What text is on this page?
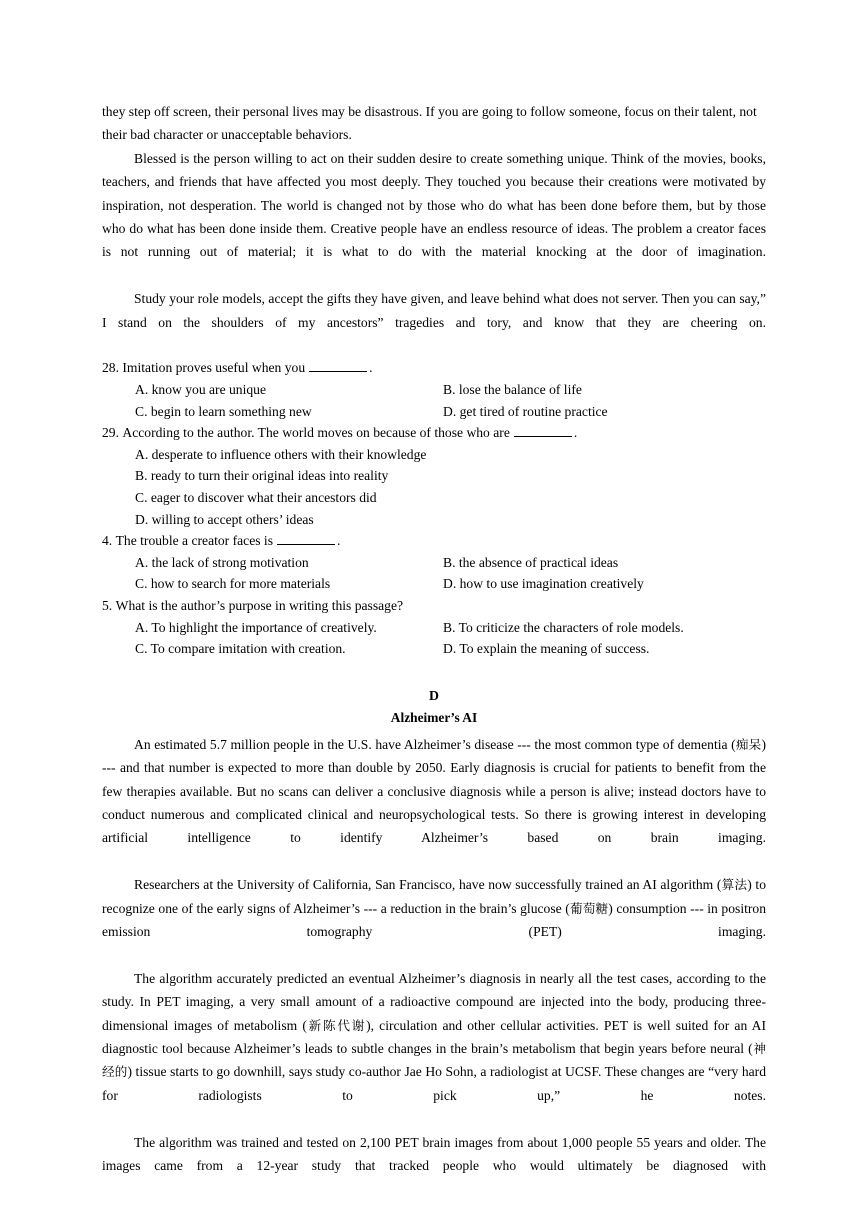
they step off screen, their personal lives may be disastrous. If you are going to follow someone, focus on their talent, not their bad character or unacceptable behaviors.

Blessed is the person willing to act on their sudden desire to create something unique. Think of the movies, books, teachers, and friends that have affected you most deeply. They touched you because their creations were motivated by inspiration, not desperation. The world is changed not by those who do what has been done before them, but by those who do what has been done inside them. Creative people have an endless resource of ideas. The problem a creator faces is not running out of material; it is what to do with the material knocking at the door of imagination.

Study your role models, accept the gifts they have given, and leave behind what does not server. Then you can say,” I stand on the shoulders of my ancestors” tragedies and tory, and know that they are cheering on.

28. Imitation proves useful when you	.

A. know you are unique	B. lose the balance of life
C. begin to learn something new	D. get tired of routine practice

29. According to the author. The world moves on because of those who are	.

A. desperate to influence others with their knowledge

B. ready to turn their original ideas into reality

C. eager to discover what their ancestors did

D. willing to accept others’ ideas

4. The trouble a creator faces is	.

A. the lack of strong motivation	B. the absence of practical ideas
C. how to search for more materials	D. how to use imagination creatively

5. What is the author’s purpose in writing this passage?

A. To highlight the importance of creatively.	B. To criticize the characters of role models.
C. To compare imitation with creation.	D. To explain the meaning of success.

D

Alzheimer’s AI

An estimated 5.7 million people in the U.S. have Alzheimer’s disease --- the most common type of dementia (痴呆) --- and that number is expected to more than double by 2050. Early diagnosis is crucial for patients to benefit from the few therapies available. But no scans can deliver a conclusive diagnosis while a person is alive; instead doctors have to conduct numerous and complicated clinical and neuropsychological tests. So there is growing interest in developing artificial intelligence to identify Alzheimer’s based on brain imaging.

Researchers at the University of California, San Francisco, have now successfully trained an AI algorithm (算法) to recognize one of the early signs of Alzheimer’s --- a reduction in the brain’s glucose (葡萄糖) consumption --- in positron emission tomography (PET) imaging.

The algorithm accurately predicted an eventual Alzheimer’s diagnosis in nearly all the test cases, according to the study. In PET imaging, a very small amount of a radioactive compound are injected into the body, producing three-dimensional images of metabolism (新陈代谢), circulation and other cellular activities. PET is well suited for an AI diagnostic tool because Alzheimer’s leads to subtle changes in the brain’s metabolism that begin years before neural (神经的) tissue starts to go downhill, says study co-author Jae Ho Sohn, a radiologist at UCSF. These changes are “very hard for radiologists to pick up,” he notes.

The algorithm was trained and tested on 2,100 PET brain images from about 1,000 people 55 years and older. The images came from a 12-year study that tracked people who would ultimately be diagnosed with
